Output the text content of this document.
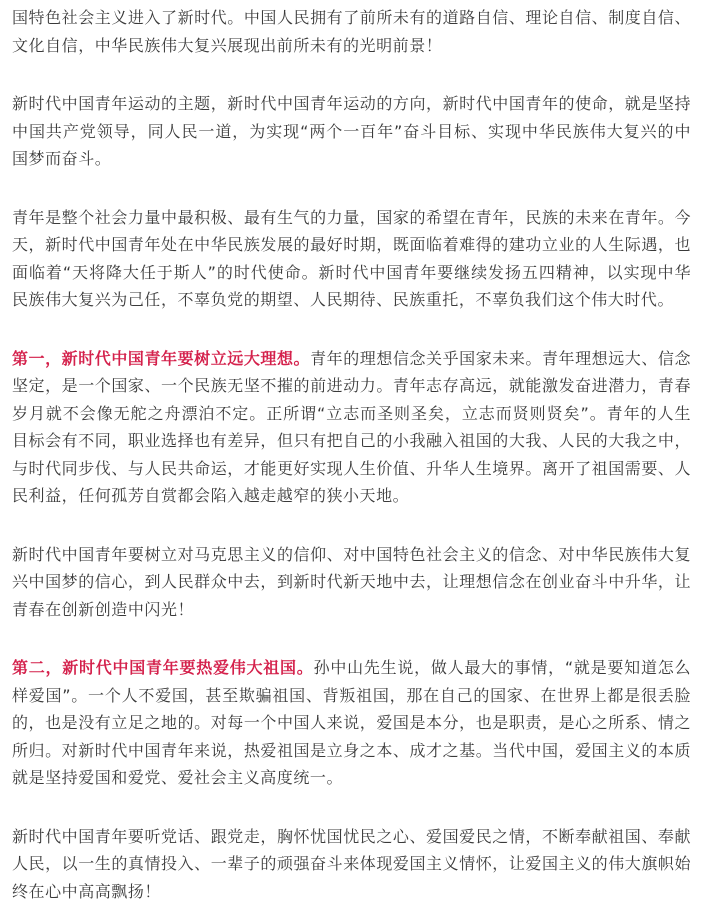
国特色社会主义进入了新时代。中国人民拥有了前所未有的道路自信、理论自信、制度自信、文化自信，中华民族伟大复兴展现出前所未有的光明前景！

新时代中国青年运动的主题，新时代中国青年运动的方向，新时代中国青年的使命，就是坚持中国共产党领导，同人民一道，为实现“两个一百年”奋斗目标、实现中华民族伟大复兴的中国梦而奋斗。

青年是整个社会力量中最积极、最有生气的力量，国家的希望在青年，民族的未来在青年。今天，新时代中国青年处在中华民族发展的最好时期，既面临着难得的建功立业的人生际遇，也面临着“天将降大任于斯人”的时代使命。新时代中国青年要继续发扬五四精神，以实现中华民族伟大复兴为己任，不辜负党的期望、人民期待、民族重托，不辜负我们这个伟大时代。

第一，新时代中国青年要树立远大理想。青年的理想信念关乎国家未来。青年理想远大、信念坚定，是一个国家、一个民族无坚不摧的前进动力。青年志存高远，就能激发奋进潜力，青春岁月就不会像无舵之舟漂泊不定。正所谓“立志而圣则圣矣，立志而贤则贤矣”。青年的人生目标会有不同，职业选择也有差异，但只有把自己的小我融入祖国的大我、人民的大我之中，与时代同步伐、与人民共命运，才能更好实现人生价值、升华人生境界。离开了祖国需要、人民利益，任何孤芳自赏都会陷入越走越窄的狭小天地。

新时代中国青年要树立对马克思主义的信仰、对中国特色社会主义的信念、对中华民族伟大复兴中国梦的信心，到人民群众中去，到新时代新天地中去，让理想信念在创业奋斗中升华，让青春在创新创造中闪光！

第二，新时代中国青年要热爱伟大祖国。孙中山先生说，做人最大的事情，“就是要知道怎么样爱国”。一个人不爱国，甚至欺骗祖国、背叛祖国，那在自己的国家、在世界上都是很丢脸的，也是没有立足之地的。对每一个中国人来说，爱国是本分，也是职责，是心之所系、情之所归。对新时代中国青年来说，热爱祖国是立身之本、成才之基。当代中国，爱国主义的本质就是坚持爱国和爱党、爱社会主义高度统一。

新时代中国青年要听党话、跟党走，胸怀忧国忧民之心、爱国爱民之情，不断奉献祖国、奉献人民，以一生的真情投入、一辈子的顽强奋斗来体现爱国主义情怀，让爱国主义的伟大旗帜始终在心中高高飘扬！
